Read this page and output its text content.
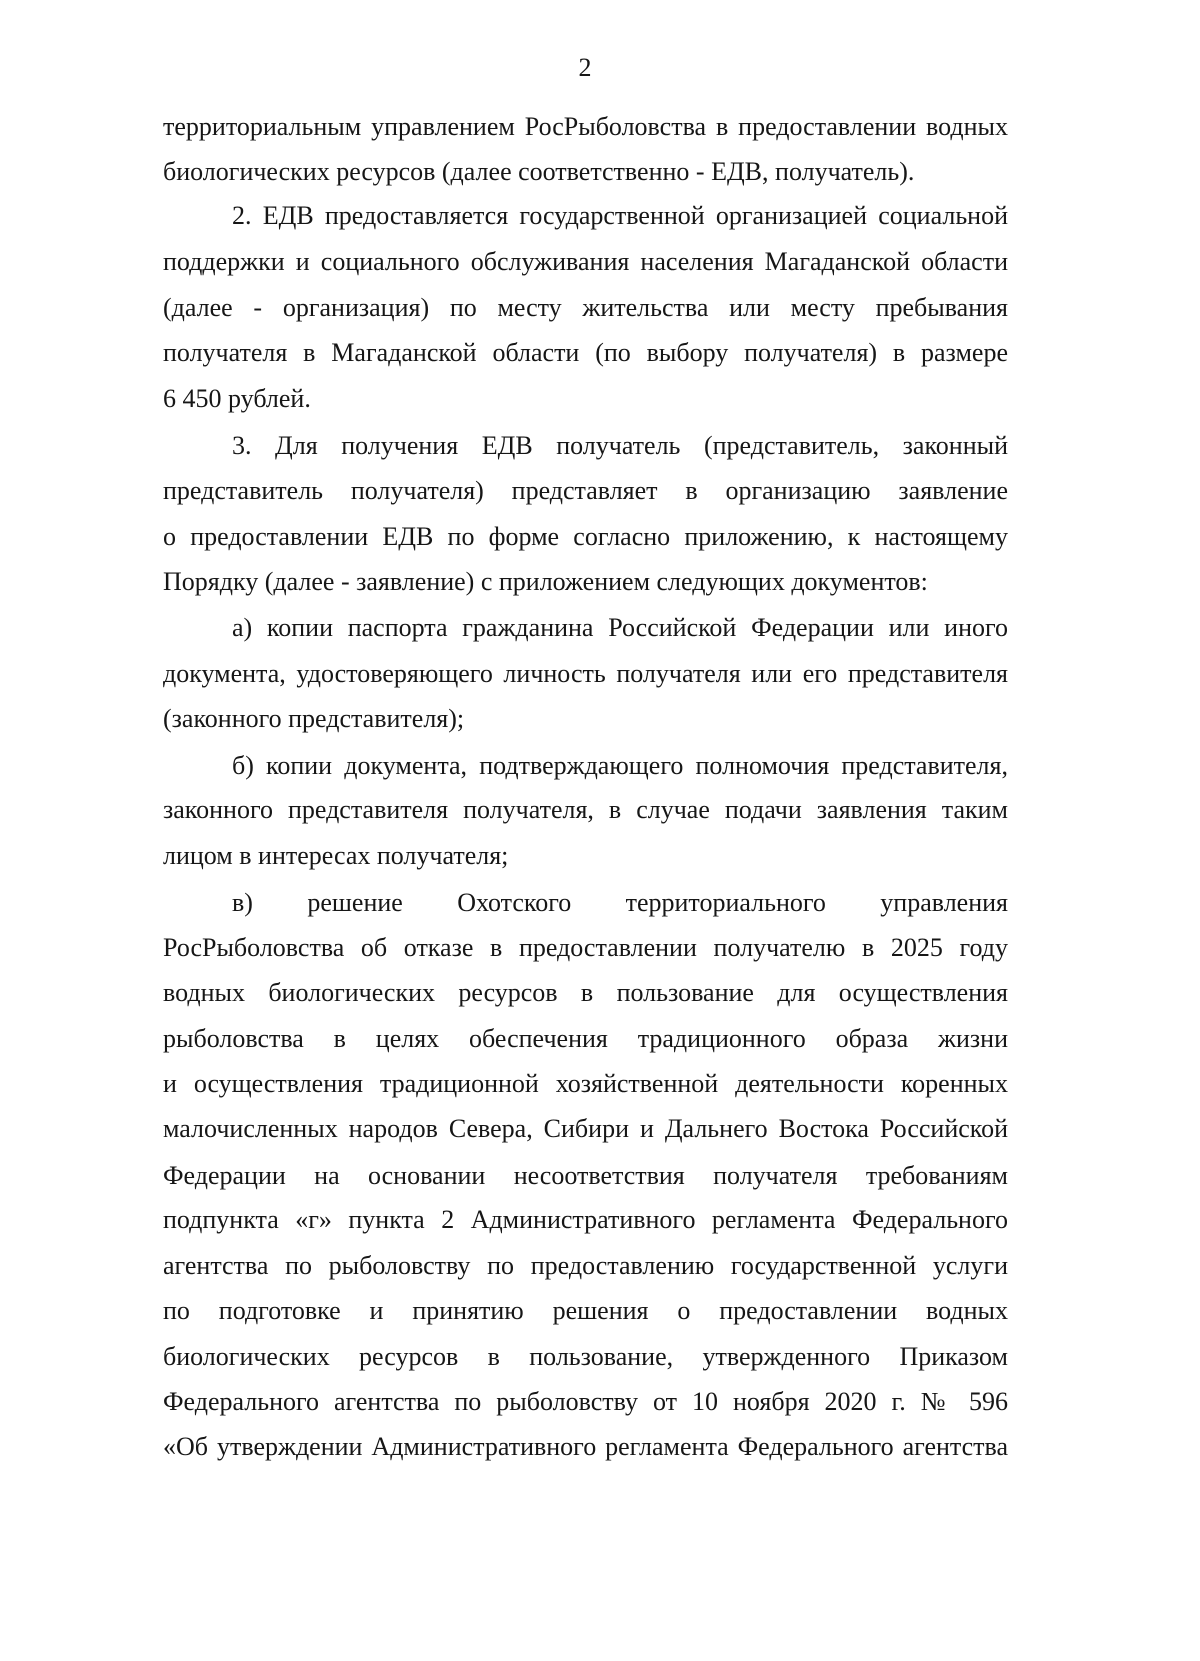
2
территориальным управлением РосРыболовства в предоставлении водных
биологических ресурсов (далее соответственно - ЕДВ, получатель).
2. ЕДВ предоставляется государственной организацией социальной
поддержки и социального обслуживания населения Магаданской области
(далее - организация) по месту жительства или месту пребывания
получателя в Магаданской области (по выбору получателя) в размере
6 450 рублей.
3. Для получения ЕДВ получатель (представитель, законный
представитель получателя) представляет в организацию заявление
о предоставлении ЕДВ по форме согласно приложению, к настоящему
Порядку (далее - заявление) с приложением следующих документов:
а) копии паспорта гражданина Российской Федерации или иного
документа, удостоверяющего личность получателя или его представителя
(законного представителя);
б) копии документа, подтверждающего полномочия представителя,
законного представителя получателя, в случае подачи заявления таким
лицом в интересах получателя;
в) решение Охотского территориального управления
РосРыболовства об отказе в предоставлении получателю в 2025 году
водных биологических ресурсов в пользование для осуществления
рыболовства в целях обеспечения традиционного образа жизни
и осуществления традиционной хозяйственной деятельности коренных
малочисленных народов Севера, Сибири и Дальнего Востока Российской
Федерации на основании несоответствия получателя требованиям
подпункта «г» пункта 2 Административного регламента Федерального
агентства по рыболовству по предоставлению государственной услуги
по подготовке и принятию решения о предоставлении водных
биологических ресурсов в пользование, утвержденного Приказом
Федерального агентства по рыболовству от 10 ноября 2020 г. № 596
«Об утверждении Административного регламента Федерального агентства
